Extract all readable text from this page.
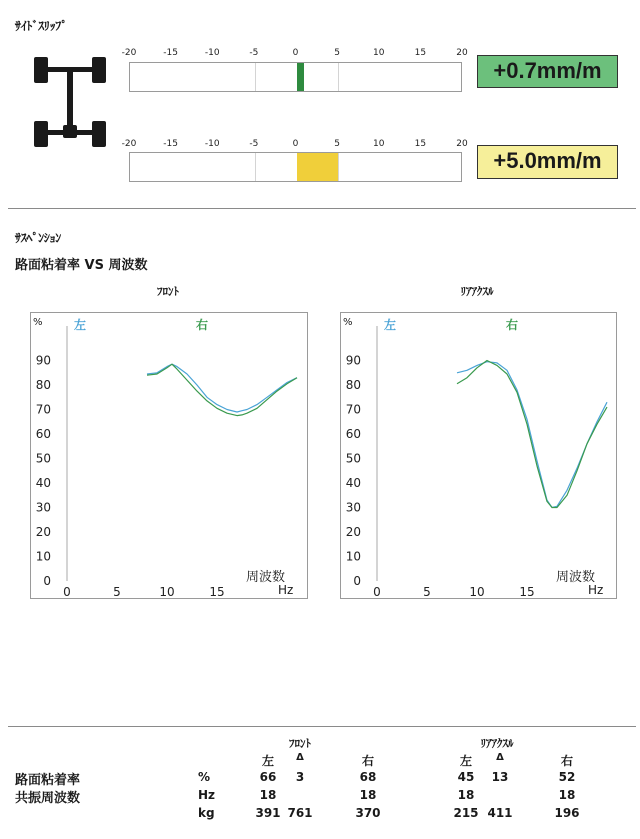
ｻｲﾄﾞｽﾘｯﾌﾟ
-20	-15	-10	-5	0	5	10	15	20
+0.7mm/m
-20	-15	-10	-5	0	5	10	15	20
+5.0mm/m
ｻｽﾍﾟﾝｼｮﾝ
路面粘着率 VS 周波数
ﾌﾛﾝﾄ
%	左	右
周波数
Hz
0
10
20
30
40
50
60
70
80
90
0	5	10	15
ﾘｱｱｸｽﾙ
%	左	右
周波数
Hz
0
10
20
30
40
50
60
70
80
90
0	5	10	15
ﾌﾛﾝﾄ	ﾘｱｱｸｽﾙ
左 Δ	右	左 Δ	右
路面粘着率	%	66 3	68	45 13	52
共振周波数	Hz	18	18	18	18
kg	391 761	370	215 411	196
